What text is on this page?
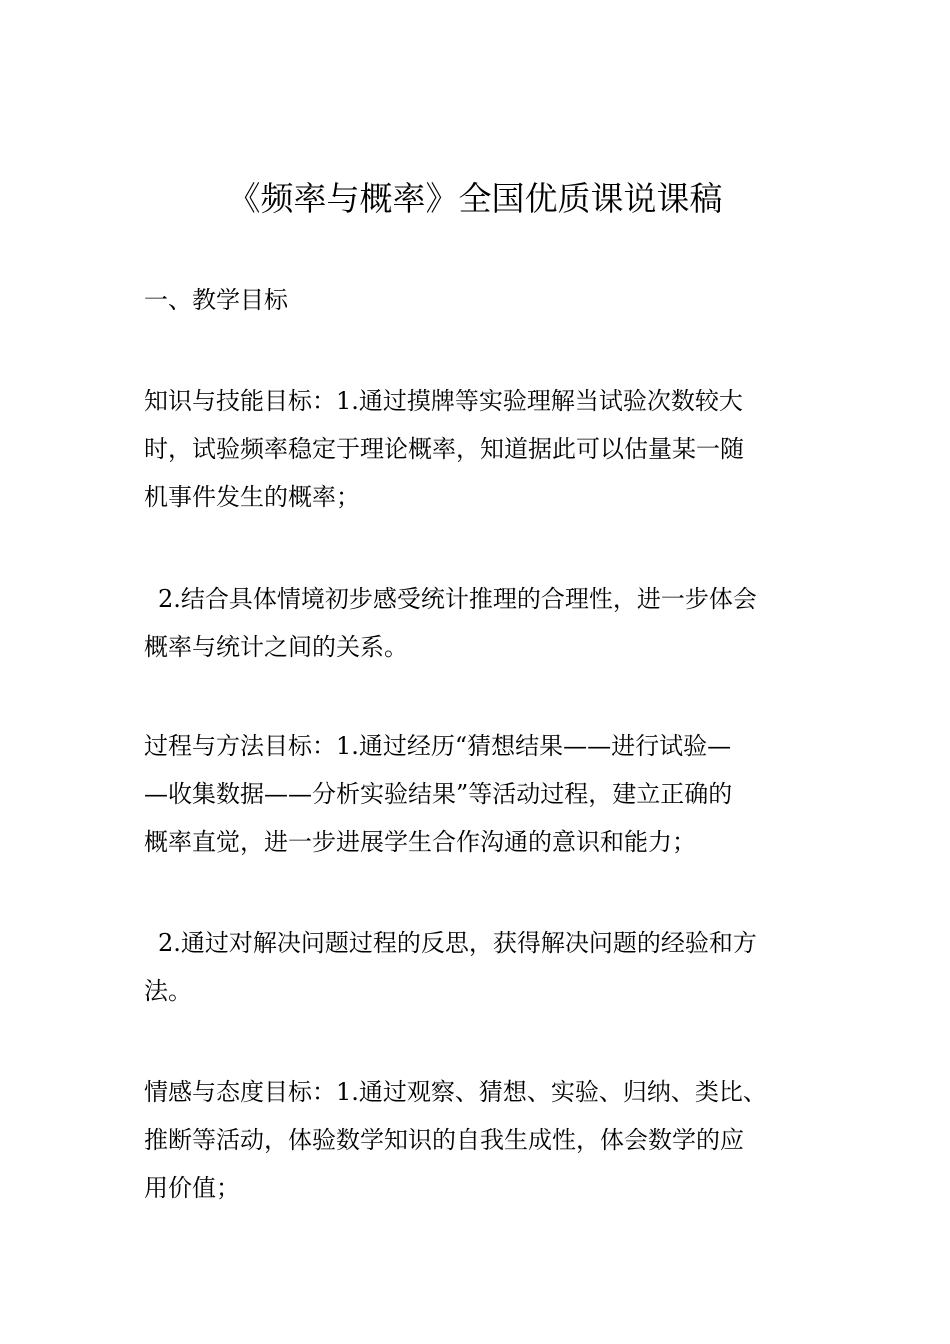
《频率与概率》全国优质课说课稿

一、教学目标

知识与技能目标：1.通过摸牌等实验理解当试验次数较大
时，试验频率稳定于理论概率，知道据此可以估量某一随
机事件发生的概率；

2.结合具体情境初步感受统计推理的合理性，进一步体会
概率与统计之间的关系。

过程与方法目标：1.通过经历“猜想结果——进行试验—
—收集数据——分析实验结果”等活动过程，建立正确的
概率直觉，进一步进展学生合作沟通的意识和能力；

2.通过对解决问题过程的反思，获得解决问题的经验和方
法。

情感与态度目标：1.通过观察、猜想、实验、归纳、类比、
推断等活动，体验数学知识的自我生成性，体会数学的应
用价值；
